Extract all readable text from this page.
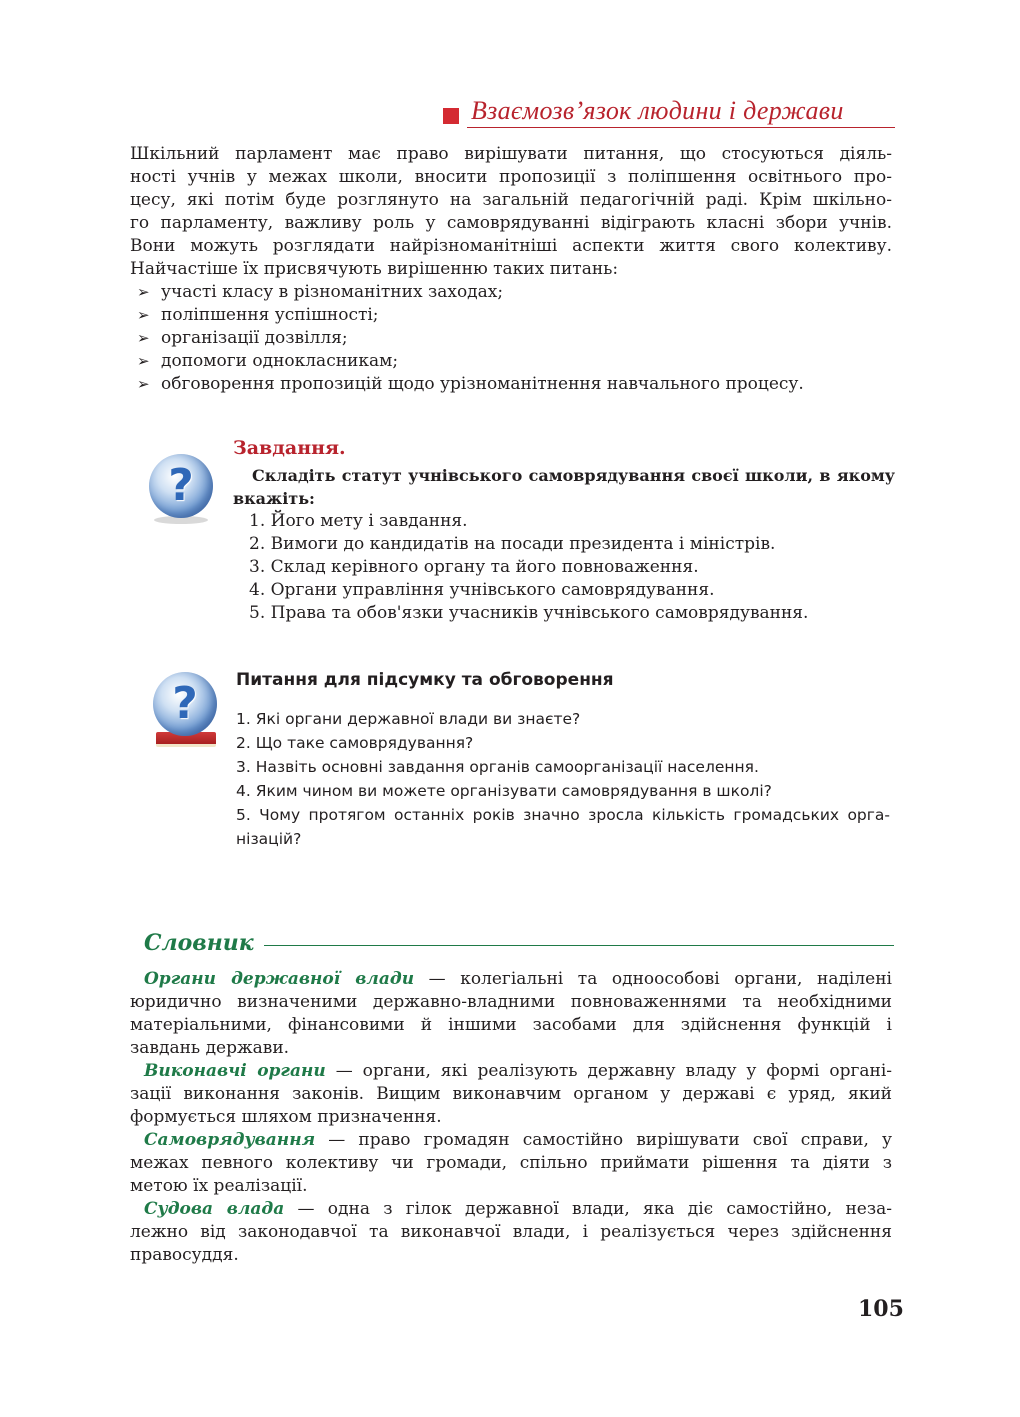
Взаємозв’язок людини і держави
Шкільний парламент має право вирішувати питання, що стосуються діяль-
ності учнів у межах школи, вносити пропозиції з поліпшення освітнього про-
цесу, які потім буде розглянуто на загальній педагогічній раді. Крім шкільно-
го парламенту, важливу роль у самоврядуванні відіграють класні збори учнів.
Вони можуть розглядати найрізноманітніші аспекти життя свого колективу.
Найчастіше їх присвячують вирішенню таких питань:
➢ участі класу в різноманітних заходах;
➢ поліпшення успішності;
➢ організації дозвілля;
➢ допомоги однокласникам;
➢ обговорення пропозицій щодо урізноманітнення навчального процесу.
?
Завдання.
Складіть статут учнівського самоврядування своєї школи, в якому
вкажіть:
1. Його мету і завдання.
2. Вимоги до кандидатів на посади президента і міністрів.
3. Склад керівного органу та його повноваження.
4. Органи управління учнівського самоврядування.
5. Права та обов'язки учасників учнівського самоврядування.
?
Питання для підсумку та обговорення
1. Які органи державної влади ви знаєте?
2. Що таке самоврядування?
3. Назвіть основні завдання органів самоорганізації населення.
4. Яким чином ви можете організувати самоврядування в школі?
5. Чому протягом останніх років значно зросла кількість громадських орга-
нізацій?
Словник
Органи державної влади — колегіальні та одноособові органи, наділені
юридично визначеними державно-владними повноваженнями та необхідними
матеріальними, фінансовими й іншими засобами для здійснення функцій і
завдань держави.
Виконавчі органи — органи, які реалізують державну владу у формі органі-
зації виконання законів. Вищим виконавчим органом у державі є уряд, який
формується шляхом призначення.
Самоврядування — право громадян самостійно вирішувати свої справи, у
межах певного колективу чи громади, спільно приймати рішення та діяти з
метою їх реалізації.
Судова влада — одна з гілок державної влади, яка діє самостійно, неза-
лежно від законодавчої та виконавчої влади, і реалізується через здійснення
правосуддя.
105
